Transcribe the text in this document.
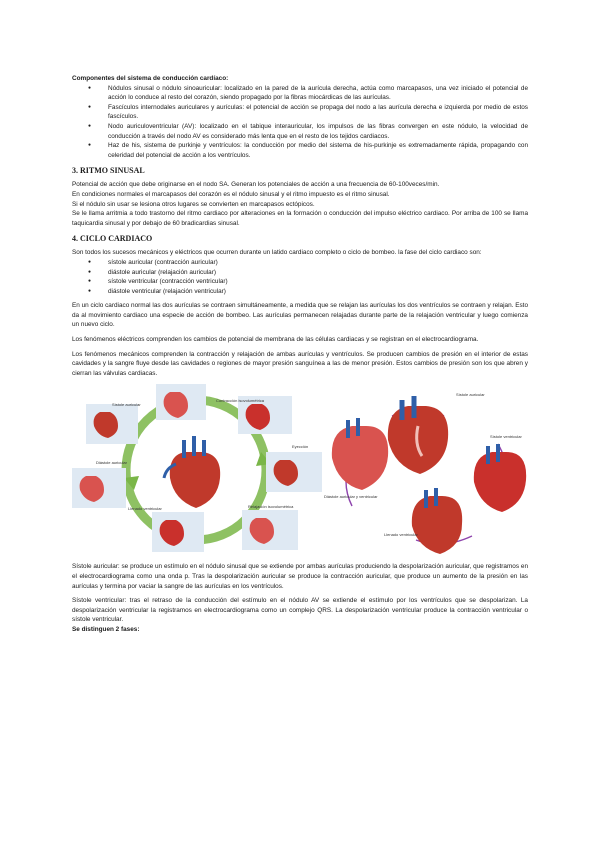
Componentes del sistema de conducción cardíaco:

● Nódulos sinusal o nódulo sinoauricular: localizado en la pared de la aurícula derecha, actúa como marcapasos, una vez iniciado el potencial de acción lo conduce al resto del corazón, siendo propagado por la fibras miocárdicas de las aurículas.
● Fascículos internodales auriculares y aurículas: el potencial de acción se propaga del nodo a las aurícula derecha e izquierda por medio de estos fascículos.
● Nodo auriculoventricular (AV): localizado en el tabique interauricular, los impulsos de las fibras convergen en este nódulo, la velocidad de conducción a través del nodo AV es considerado más lenta que en el resto de los tejidos cardiacos.
● Haz de his, sistema de purkinje y ventrículos: la conducción por medio del sistema de his-purkinje es extremadamente rápida, propagando con celeridad del potencial de acción a los ventrículos.
3. RITMO SINUSAL

Potencial de acción que debe originarse en el nodo SA. Generan los potenciales de acción a una frecuencia de 60-100veces/min.

En condiciones normales el marcapasos del corazón es el nódulo sinusal y el ritmo impuesto es el ritmo sinusal.

Si el nódulo sin usar se lesiona otros lugares se convierten en marcapasos ectópicos.

Se le llama arritmia a todo trastorno del ritmo cardiaco por alteraciones en la formación o conducción del impulso eléctrico cardiaco. Por arriba de 100 se llama taquicardia sinusal y por debajo de 60 bradicardias sinusal.

4. CICLO CARDIACO

Son todos los sucesos mecánicos y eléctricos que ocurren durante un latido cardiaco completo o ciclo de bombeo. la fase del ciclo cardiaco son:

● sístole auricular (contracción auricular)
● diástole auricular (relajación auricular)
● sístole ventricular (contracción ventricular)
● diástole ventricular (relajación ventricular)

En un ciclo cardiaco normal las dos aurículas se contraen simultáneamente, a medida que se relajan las aurículas los dos ventrículos se contraen y relajan. Esto da al movimiento cardiaco una especie de acción de bombeo. Las aurículas permanecen relajadas durante parte de la relajación ventricular y luego comienza un nuevo ciclo.

Los fenómenos eléctricos comprenden los cambios de potencial de membrana de las células cardiacas y se registran en el electrocardiograma.

Los fenómenos mecánicos comprenden la contracción y relajación de ambas aurículas y ventrículos. Se producen cambios de presión en el interior de estas cavidades y la sangre fluye desde las cavidades o regiones de mayor presión sanguínea a las de menor presión. Estos cambios de presión son los que abren y cierran las válvulas cardiacas.

Sístole auricular
Contracción isovolumétrica
Eyección
Relajación isovolumétrica
Llenado ventricular
Diástole auricular
Sístole auricular
Sístole ventricular
Diástole auricular y ventricular
Llenado ventricular

Sístole auricular: se produce un estímulo en el nódulo sinusal que se extiende por ambas aurículas produciendo la despolarización auricular, que registramos en el electrocardiograma como una onda p. Tras la despolarización auricular se produce la contracción auricular, que produce un aumento de la presión en las aurículas y termina por vaciar la sangre de las aurículas en los ventrículos.

Sístole ventricular: tras el retraso de la conducción del estímulo en el nódulo AV se extiende el estímulo por los ventrículos que se despolarizan. La despolarización ventricular la registramos en electrocardiograma como un complejo QRS. La despolarización ventricular produce la contracción ventricular o sístole ventricular.

Se distinguen 2 fases:
